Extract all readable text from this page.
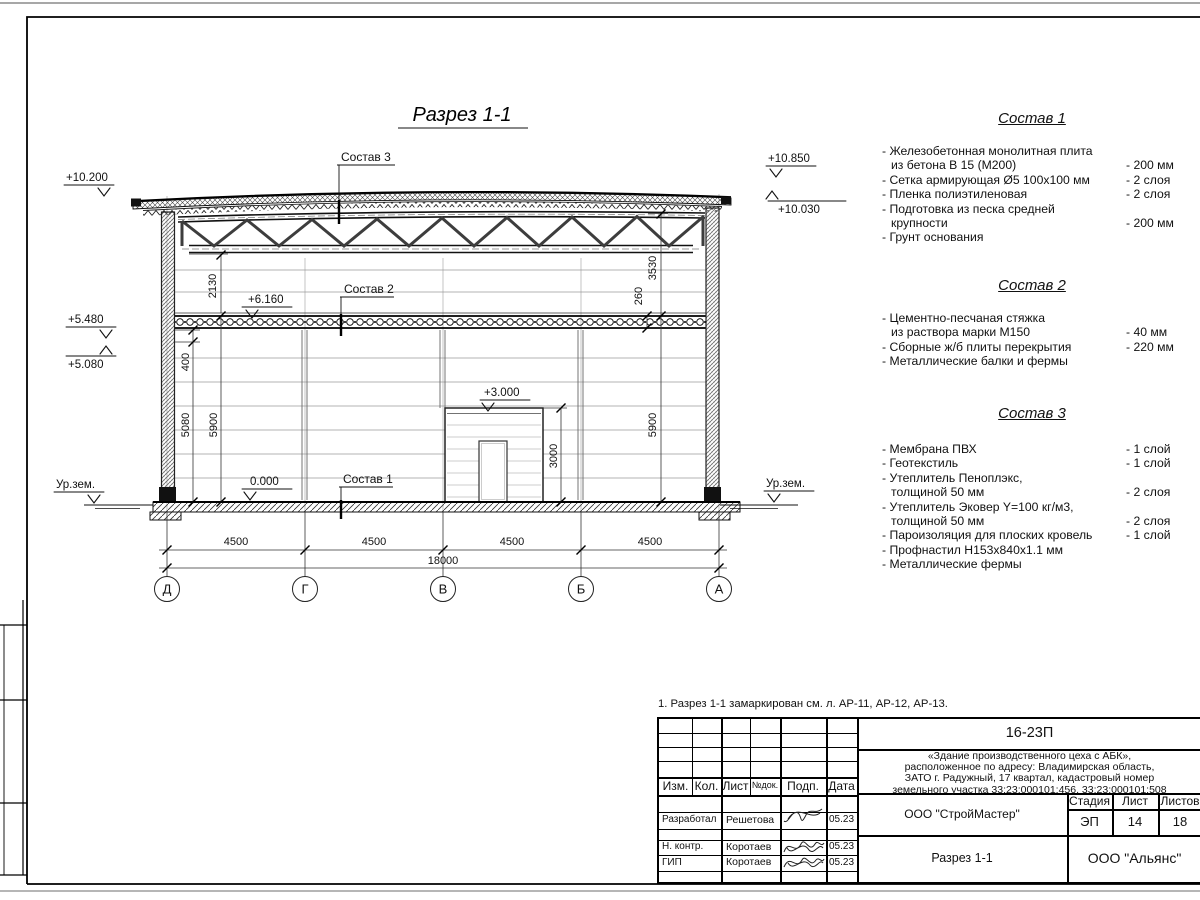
Состав 3
Состав 2
Состав 1
+10.200
+5.480
+5.080
Ур.зем.	0.000
+6.160
+3.000
+10.850
+10.030
Ур.зем.
2130
3530
260
400
5080 5900	5900
3000
4500	4500	4500	4500
18000
Д	Г	В	Б	А
Разрез 1-1	Состав 1
- Железобетонная монолитная плита
из бетона В 15 (М200)	- 200 мм
- Сетка армирующая Ø5 100х100 мм	- 2 слоя
- Пленка полиэтиленовая	- 2 слоя
- Подготовка из песка средней
крупности	- 200 мм
- Грунт основания
Состав 2
- Цементно-песчаная стяжка
из раствора марки М150	- 40 мм
- Сборные ж/б плиты перекрытия	- 220 мм
- Металлические балки и фермы
Состав 3
- Мембрана ПВХ	- 1 слой
- Геотекстиль	- 1 слой
- Утеплитель Пеноплэкс,
толщиной 50 мм	- 2 слоя
- Утеплитель Эковер Y=100 кг/м3,
толщиной 50 мм	- 2 слоя
- Пароизоляция для плоских кровель	- 1 слой
- Профнастил Н153х840х1.1 мм
- Металлические фермы
1. Разрез 1-1 замаркирован см. л. АР-11, АР-12, АР-13.
Изм. Кол. Лист №док. Подп. Дата
Разработал Решетова	05.23
Н. контр.	Коротаев	05.23
ГИП	Коротаев	05.23
16-23П
«Здание производственного цеха с АБК»,
расположенное по адресу: Владимирская область,
ЗАТО г. Радужный, 17 квартал, кадастровый номер
земельного участка 33:23:000101:456, 33:23:000101:508
ООО "СтройМастер"
Стадия	Лист	Листов
ЭП	14	18
Разрез 1-1	ООО "Альянс"
